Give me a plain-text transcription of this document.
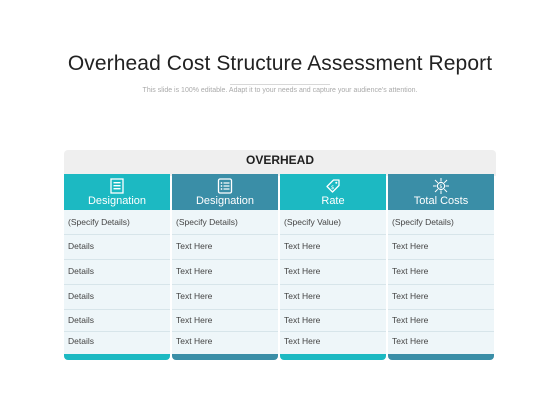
Overhead Cost Structure Assessment Report
This slide is 100% editable. Adapt it to your needs and capture your audience's attention.
OVERHEAD
Designation
(Specify Details)
Details
Details
Details
Details
Details
Designation
(Specify Details)
Text Here
Text Here
Text Here
Text Here
Text Here
$
Rate
(Specify Value)
Text Here
Text Here
Text Here
Text Here
Text Here
$
Total Costs
(Specify Details)
Text Here
Text Here
Text Here
Text Here
Text Here
